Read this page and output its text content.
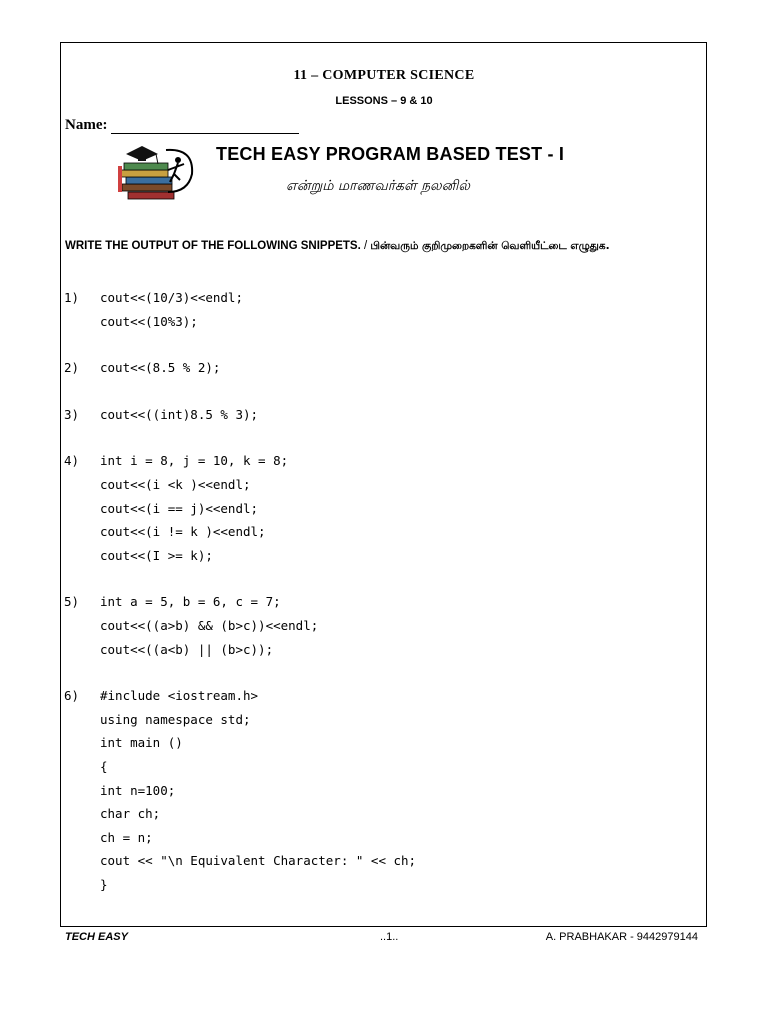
11 – COMPUTER SCIENCE
LESSONS – 9 & 10
Name:
TECH EASY PROGRAM BASED TEST - I
என்றும் மாணவர்கள் நலனில்
WRITE THE OUTPUT OF THE FOLLOWING SNIPPETS. / பின்வரும் குறிமுறைகளின் வெளியீட்டை எழுதுக.
1)	cout<<(10/3)<<endl;
cout<<(10%3);
2)	cout<<(8.5 % 2);
3)	cout<<((int)8.5 % 3);
4)	int i = 8, j = 10, k = 8;
cout<<(i <k )<<endl;
cout<<(i == j)<<endl;
cout<<(i != k )<<endl;
cout<<(I >= k);
5)	int a = 5, b = 6, c = 7;
cout<<((a>b) && (b>c))<<endl;
cout<<((a<b) || (b>c));
6)	#include <iostream.h>
using namespace std;
int main ()
{
int n=100;
char ch;
ch = n;
cout << "\n Equivalent Character: " << ch;
}
TECH EASY	..1..	A. PRABHAKAR - 9442979144
